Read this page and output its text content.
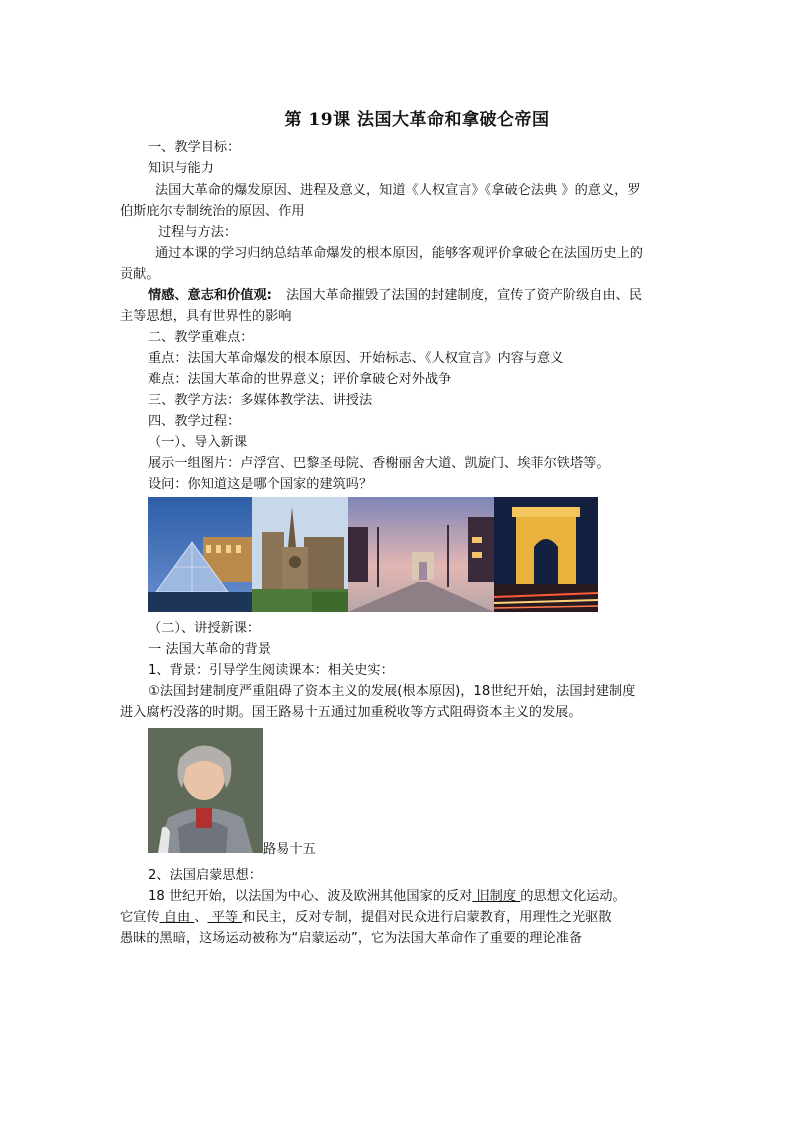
第 19课 法国大革命和拿破仑帝国
一、教学目标：
知识与能力
法国大革命的爆发原因、进程及意义，知道《人权宣言》《拿破仑法典 》的意义，罗
伯斯庇尔专制统治的原因、作用
过程与方法：
通过本课的学习归纳总结革命爆发的根本原因，能够客观评价拿破仑在法国历史上的
贡献。
情感、意志和价值观: 法国大革命摧毁了法国的封建制度，宣传了资产阶级自由、民
主等思想，具有世界性的影响
二、教学重难点：
重点：法国大革命爆发的根本原因、开始标志、《人权宣言》内容与意义
难点：法国大革命的世界意义；评价拿破仑对外战争
三、教学方法：多媒体教学法、讲授法
四、教学过程：
（一）、导入新课
展示一组图片：卢浮宫、巴黎圣母院、香榭丽舍大道、凯旋门、埃菲尔铁塔等。
设问：你知道这是哪个国家的建筑吗？
（二）、讲授新课：
一 法国大革命的背景
1、背景：引导学生阅读课本：相关史实：
①法国封建制度严重阻碍了资本主义的发展(根本原因)，18世纪开始，法国封建制度
进入腐朽没落的时期。国王路易十五通过加重税收等方式阻碍资本主义的发展。
路易十五
2、法国启蒙思想：
18 世纪开始，以法国为中心、波及欧洲其他国家的反对 旧制度 的思想文化运动。
它宣传 自由 、 平等 和民主，反对专制，提倡对民众进行启蒙教育，用理性之光驱散
愚昧的黑暗，这场运动被称为“启蒙运动”，它为法国大革命作了重要的理论准备
